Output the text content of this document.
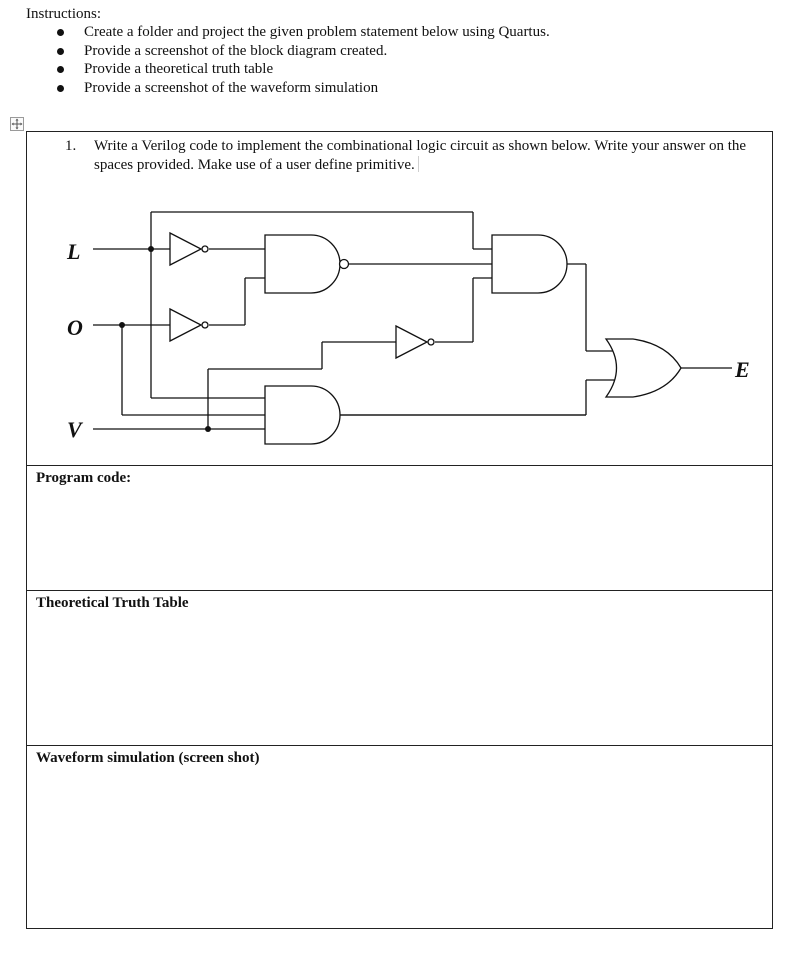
Instructions:
Create a folder and project the given problem statement below using Quartus.
Provide a screenshot of the block diagram created.
Provide a theoretical truth table
Provide a screenshot of the waveform simulation
1. Write a Verilog code to implement the combinational logic circuit as shown below. Write your answer on the spaces provided. Make use of a user define primitive.
L
O
V
E
Program code:
Theoretical Truth Table
Waveform simulation (screen shot)
